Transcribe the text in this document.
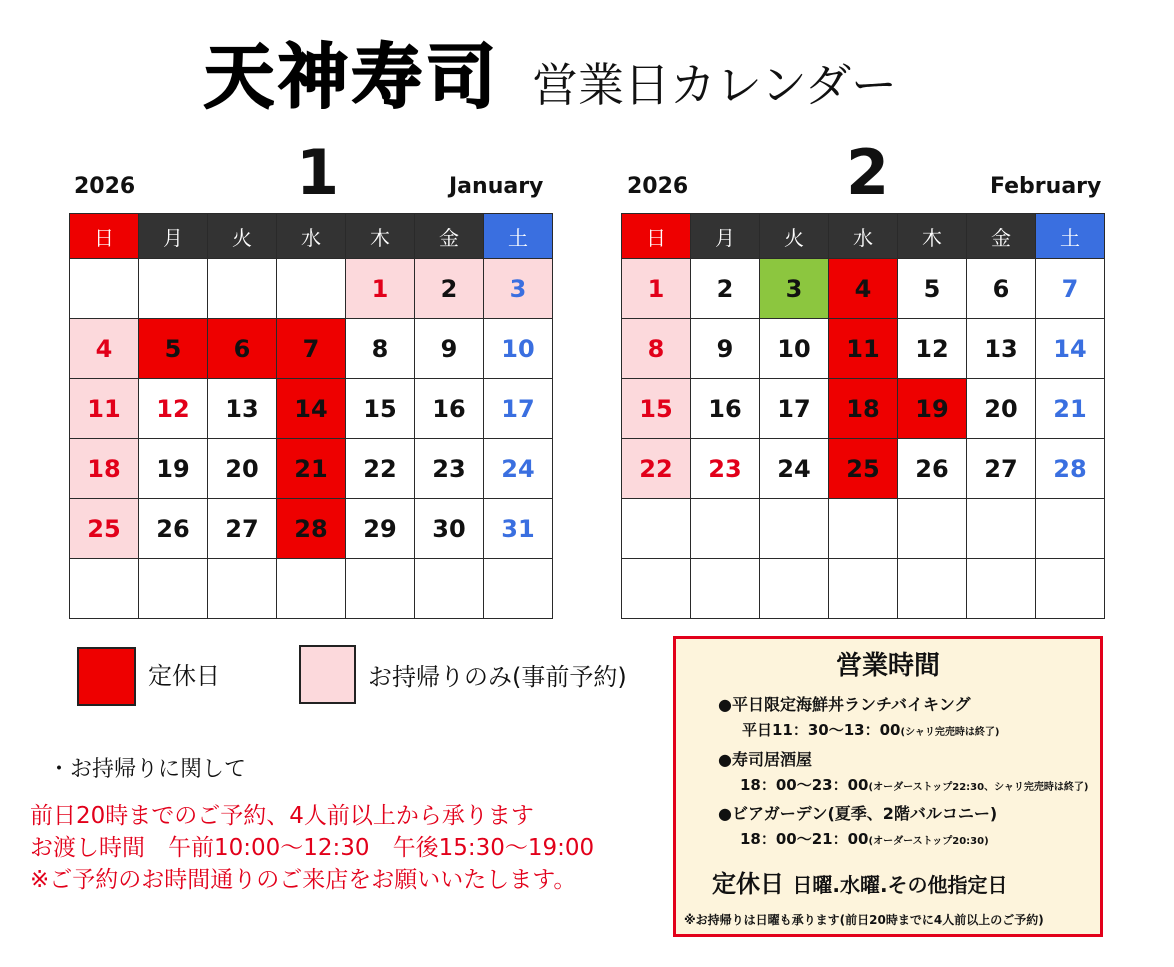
天神寿司 営業日カレンダー
2026	1	January
日	月	火	水	木	金	土
				1	2	3
4	5	6	7	8	9	10
11	12	13	14	15	16	17
18	19	20	21	22	23	24
25	26	27	28	29	30	31

2026	2	February
日	月	火	水	木	金	土
1	2	3	4	5	6	7
8	9	10	11	12	13	14
15	16	17	18	19	20	21
22	23	24	25	26	27	28

定休日	お持帰りのみ(事前予約)
・お持帰りに関して
前日20時までのご予約、4人前以上から承ります
お渡し時間　午前10:00～12:30　午後15:30～19:00
※ご予約のお時間通りのご来店をお願いいたします。
営業時間
●平日限定海鮮丼ランチバイキング
平日11：30～13：00(シャリ完売時は終了)
●寿司居酒屋
18：00～23：00(オーダーストップ22:30、シャリ完売時は終了)
●ビアガーデン(夏季、2階バルコニー)
18：00～21：00(オーダーストップ20:30)
定休日 日曜.水曜.その他指定日
※お持帰りは日曜も承ります(前日20時までに4人前以上のご予約)
